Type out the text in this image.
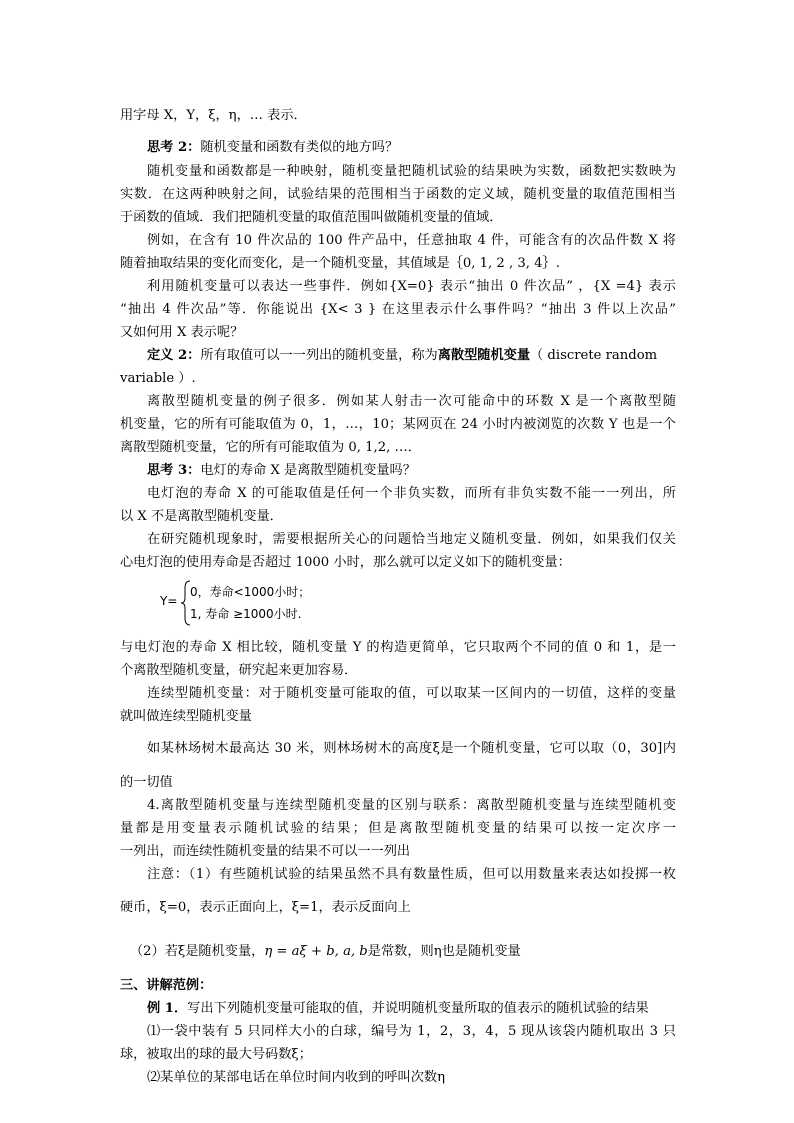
用字母 X，Y，ξ，η，… 表示．
思考 2：随机变量和函数有类似的地方吗？
随机变量和函数都是一种映射，随机变量把随机试验的结果映为实数，函数把实数映为
实数．在这两种映射之间，试验结果的范围相当于函数的定义域，随机变量的取值范围相当
于函数的值域．我们把随机变量的取值范围叫做随机变量的值域．
例如，在含有 10 件次品的 100 件产品中，任意抽取 4 件，可能含有的次品件数 X 将
随着抽取结果的变化而变化，是一个随机变量，其值域是｛0, 1, 2 , 3, 4｝.
利用随机变量可以表达一些事件．例如{X=0} 表示“抽出 0 件次品” ，{X =4} 表示
“抽出 4 件次品”等．你能说出 {X< 3 } 在这里表示什么事件吗？“抽出 3 件以上次品”
又如何用 X 表示呢？
定义 2：所有取值可以一一列出的随机变量，称为离散型随机变量（ discrete random
variable ）.
离散型随机变量的例子很多．例如某人射击一次可能命中的环数 X 是一个离散型随
机变量，它的所有可能取值为 0，1，…，10；某网页在 24 小时内被浏览的次数 Y 也是一个
离散型随机变量，它的所有可能取值为 0, 1,2, …．
思考 3：电灯的寿命 X 是离散型随机变量吗？
电灯泡的寿命 X 的可能取值是任何一个非负实数，而所有非负实数不能一一列出，所
以 X 不是离散型随机变量．
在研究随机现象时，需要根据所关心的问题恰当地定义随机变量．例如，如果我们仅关
心电灯泡的使用寿命是否超过 1000 小时，那么就可以定义如下的随机变量：
Y=
0，寿命<1000小时；
1, 寿命 ≥1000小时.
与电灯泡的寿命 X 相比较，随机变量 Y 的构造更简单，它只取两个不同的值 0 和 1，是一
个离散型随机变量，研究起来更加容易．
连续型随机变量：对于随机变量可能取的值，可以取某一区间内的一切值，这样的变量
就叫做连续型随机变量
如某林场树木最高达 30 米，则林场树木的高度ξ是一个随机变量，它可以取（0，30]内
的一切值
4.离散型随机变量与连续型随机变量的区别与联系：离散型随机变量与连续型随机变
量都是用变量表示随机试验的结果；但是离散型随机变量的结果可以按一定次序一
一列出，而连续性随机变量的结果不可以一一列出
注意：（1）有些随机试验的结果虽然不具有数量性质，但可以用数量来表达如投掷一枚
硬币，ξ=0，表示正面向上，ξ=1，表示反面向上
（2）若ξ是随机变量，η = aξ + b, a, b是常数，则η也是随机变量
三、讲解范例：
例 1．写出下列随机变量可能取的值，并说明随机变量所取的值表示的随机试验的结果
⑴一袋中装有 5 只同样大小的白球，编号为 1，2，3，4，5 现从该袋内随机取出 3 只
球，被取出的球的最大号码数ξ；
⑵某单位的某部电话在单位时间内收到的呼叫次数η
